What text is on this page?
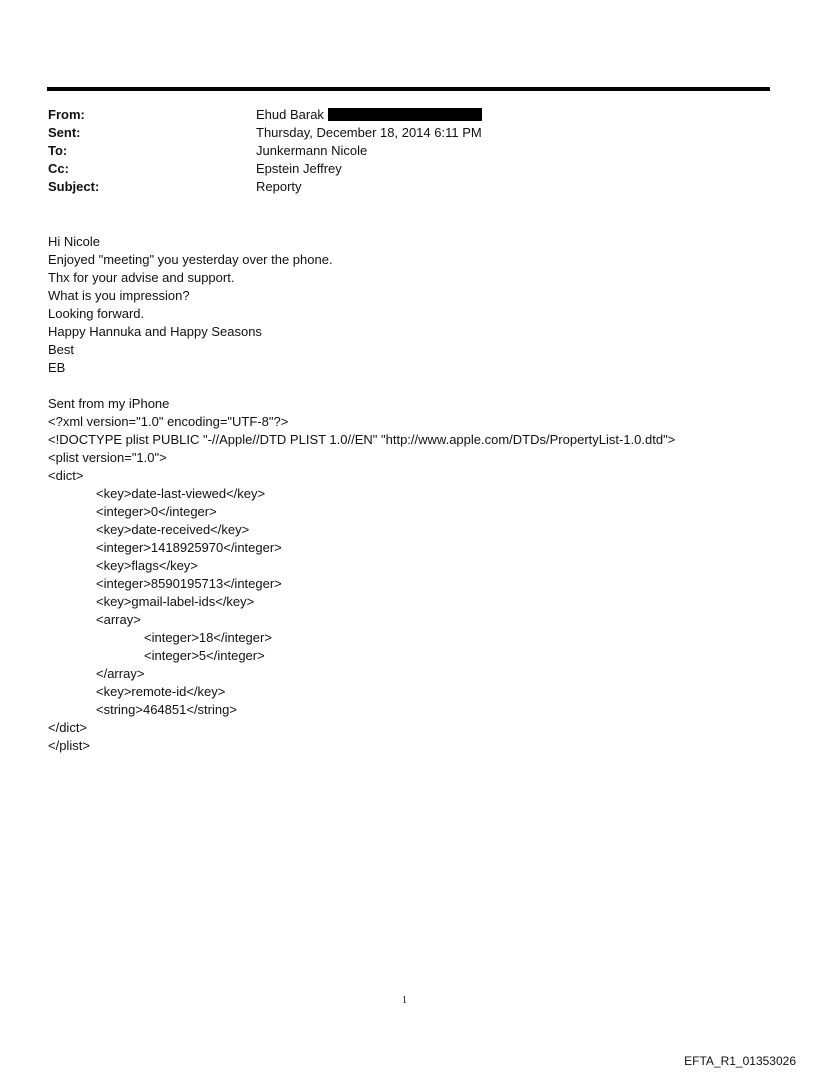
From:	Ehud Barak
Sent:	Thursday, December 18, 2014 6:11 PM
To:	Junkermann Nicole
Cc:	Epstein Jeffrey
Subject:	Reporty
Hi Nicole
Enjoyed "meeting" you yesterday over the phone.
Thx for your advise and support.
What is you impression?
Looking forward.
Happy Hannuka and Happy Seasons
Best
EB
Sent from my iPhone
<?xml version="1.0" encoding="UTF-8"?>
<!DOCTYPE plist PUBLIC "-//Apple//DTD PLIST 1.0//EN" "http://www.apple.com/DTDs/PropertyList-1.0.dtd">
<plist version="1.0">
<dict>
<key>date-last-viewed</key>
<integer>0</integer>
<key>date-received</key>
<integer>1418925970</integer>
<key>flags</key>
<integer>8590195713</integer>
<key>gmail-label-ids</key>
<array>
<integer>18</integer>
<integer>5</integer>
</array>
<key>remote-id</key>
<string>464851</string>
</dict>
</plist>
1
EFTA_R1_01353026
